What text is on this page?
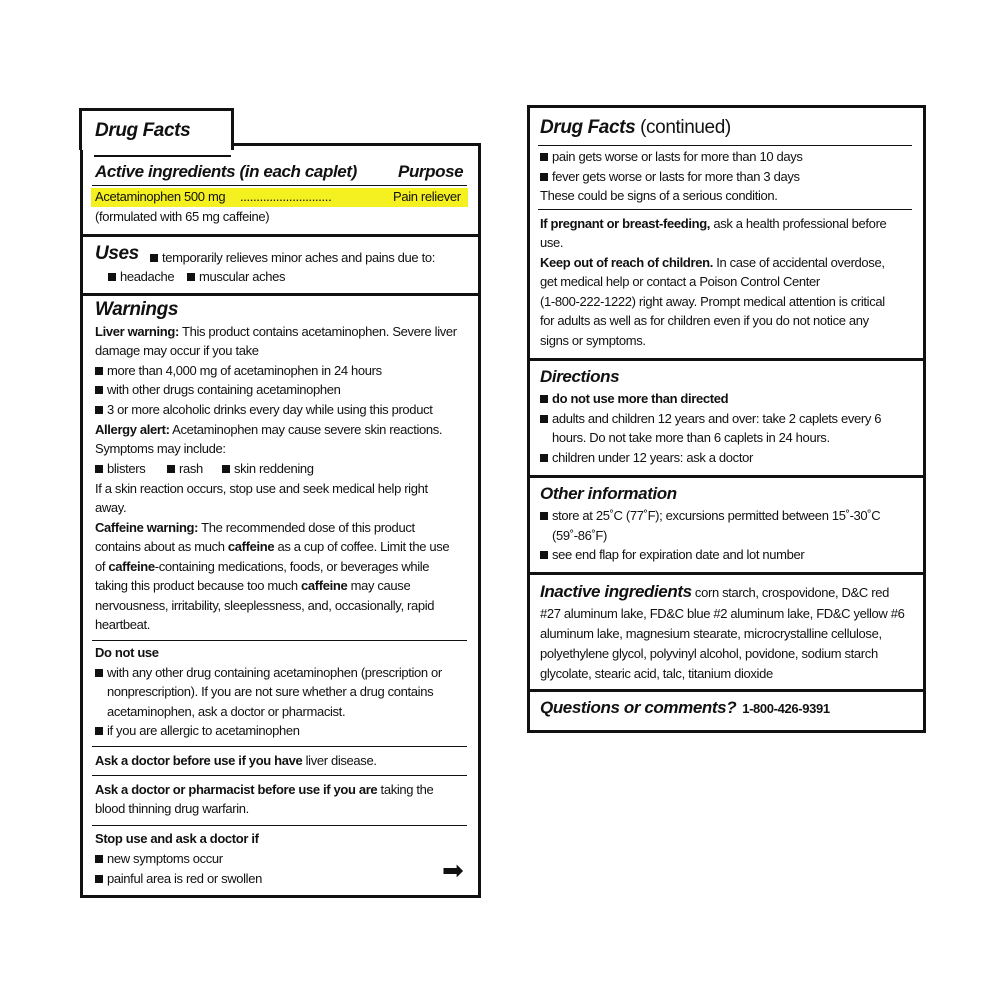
Drug Facts
Active ingredients (in each caplet) Purpose
Acetaminophen 500 mg ............................	Pain reliever
(formulated with 65 mg caffeine)
Uses	temporarily relieves minor aches and pains due to:
headache	muscular aches
Warnings
Liver warning: This product contains acetaminophen. Severe liver
damage may occur if you take
more than 4,000 mg of acetaminophen in 24 hours
with other drugs containing acetaminophen
3 or more alcoholic drinks every day while using this product
Allergy alert: Acetaminophen may cause severe skin reactions.
Symptoms may include:
blisters	rash	skin reddening
If a skin reaction occurs, stop use and seek medical help right
away.
Caffeine warning: The recommended dose of this product
contains about as much caffeine as a cup of coffee. Limit the use
of caffeine-containing medications, foods, or beverages while
taking this product because too much caffeine may cause
nervousness, irritability, sleeplessness, and, occasionally, rapid
heartbeat.
Do not use
with any other drug containing acetaminophen (prescription or
nonprescription). If you are not sure whether a drug contains
acetaminophen, ask a doctor or pharmacist.
if you are allergic to acetaminophen
Ask a doctor before use if you have liver disease.
Ask a doctor or pharmacist before use if you are taking the
blood thinning drug warfarin.
Stop use and ask a doctor if
new symptoms occur
painful area is red or swollen	➡
Drug Facts (continued)
pain gets worse or lasts for more than 10 days
fever gets worse or lasts for more than 3 days
These could be signs of a serious condition.
If pregnant or breast-feeding, ask a health professional before
use.
Keep out of reach of children. In case of accidental overdose,
get medical help or contact a Poison Control Center
(1-800-222-1222) right away. Prompt medical attention is critical
for adults as well as for children even if you do not notice any
signs or symptoms.
Directions
do not use more than directed
adults and children 12 years and over: take 2 caplets every 6
hours. Do not take more than 6 caplets in 24 hours.
children under 12 years: ask a doctor
Other information
store at 25˚C (77˚F); excursions permitted between 15˚-30˚C
(59˚-86˚F)
see end flap for expiration date and lot number
Inactive ingredients corn starch, crospovidone, D&C red
#27 aluminum lake, FD&C blue #2 aluminum lake, FD&C yellow #6
aluminum lake, magnesium stearate, microcrystalline cellulose,
polyethylene glycol, polyvinyl alcohol, povidone, sodium starch
glycolate, stearic acid, talc, titanium dioxide
Questions or comments? 1-800-426-9391
